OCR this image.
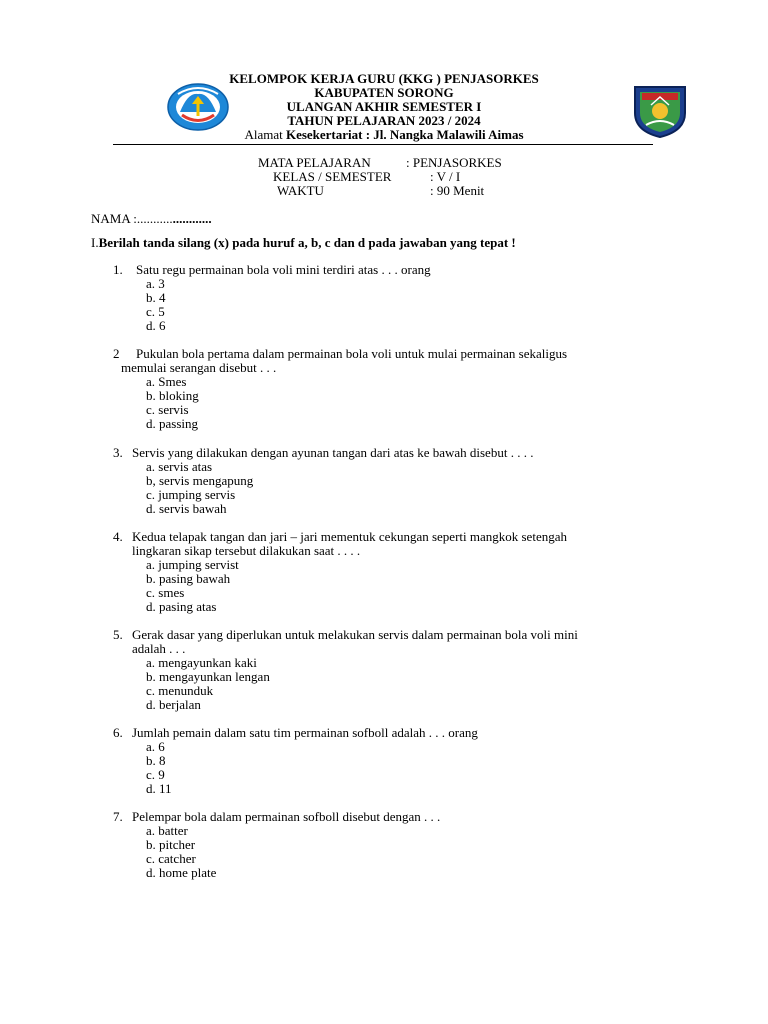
KELOMPOK KERJA GURU (KKG ) PENJASORKES
KABUPATEN SORONG
ULANGAN AKHIR SEMESTER I
TAHUN PELAJARAN 2023 / 2024
Alamat Kesekertariat : Jl. Nangka Malawili Aimas
MATA PELAJARAN	: PENJASORKES
KELAS / SEMESTER	: V / I
WAKTU	: 90 Menit
NAMA :.......................
I.Berilah tanda silang (x) pada huruf a, b, c dan d pada jawaban yang tepat !
1. Satu regu permainan bola voli mini terdiri atas . . . orang
a. 3
b. 4
c. 5
d. 6
2 Pukulan bola pertama dalam permainan bola voli untuk mulai permainan sekaligus
memulai serangan disebut . . .
a. Smes
b. bloking
c. servis
d. passing
3. Servis yang dilakukan dengan ayunan tangan dari atas ke bawah disebut . . . .
a. servis atas
b, servis mengapung
c. jumping servis
d. servis bawah
4. Kedua telapak tangan dan jari – jari mementuk cekungan seperti mangkok setengah
lingkaran sikap tersebut dilakukan saat . . . .
a. jumping servist
b. pasing bawah
c. smes
d. pasing atas
5. Gerak dasar yang diperlukan untuk melakukan servis dalam permainan bola voli mini
adalah . . .
a. mengayunkan kaki
b. mengayunkan lengan
c. menunduk
d. berjalan
6. Jumlah pemain dalam satu tim permainan sofboll adalah . . . orang
a. 6
b. 8
c. 9
d. 11
7. Pelempar bola dalam permainan sofboll disebut dengan . . .
a. batter
b. pitcher
c. catcher
d. home plate
